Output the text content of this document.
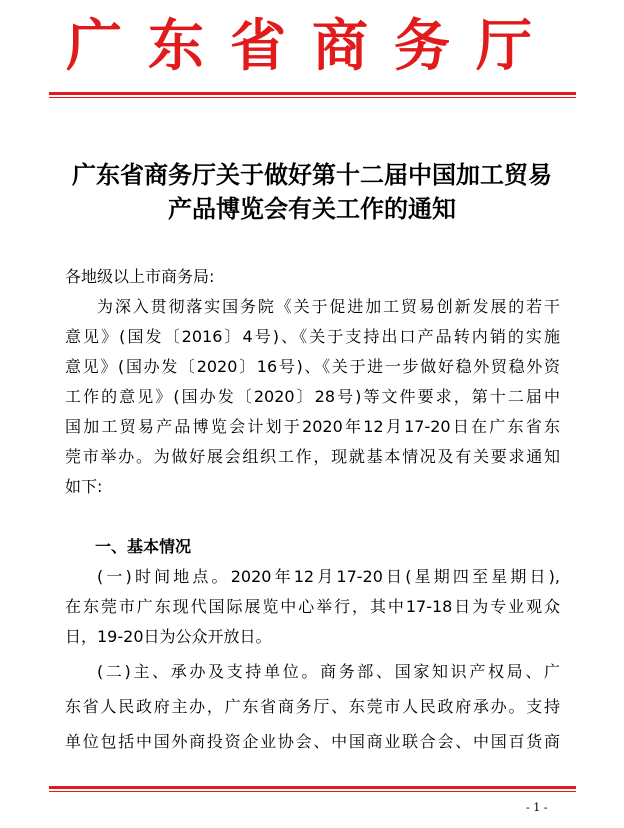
广东省商务厅
广东省商务厅关于做好第十二届中国加工贸易
产品博览会有关工作的通知
各地级以上市商务局:

为深入贯彻落实国务院《关于促进加工贸易创新发展的若干

意见》(国发〔2016〕4号)、《关于支持出口产品转内销的实施

意见》(国办发〔2020〕16号)、《关于进一步做好稳外贸稳外资

工作的意见》(国办发〔2020〕28号)等文件要求，第十二届中

国加工贸易产品博览会计划于2020年12月17-20日在广东省东

莞市举办。为做好展会组织工作，现就基本情况及有关要求通知

如下:

一、基本情况

(一)时间地点。2020年12月17-20日(星期四至星期日),

在东莞市广东现代国际展览中心举行，其中17-18日为专业观众

日，19-20日为公众开放日。

(二)主、承办及支持单位。商务部、国家知识产权局、广

东省人民政府主办，广东省商务厅、东莞市人民政府承办。支持

单位包括中国外商投资企业协会、中国商业联合会、中国百货商

- 1 -
